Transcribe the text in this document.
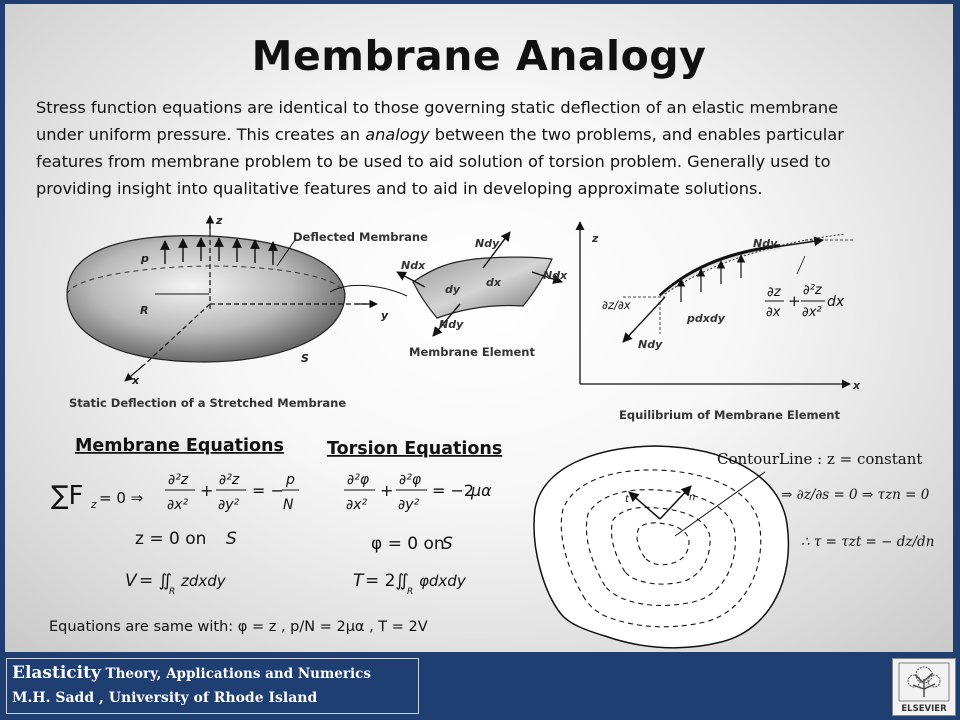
Membrane Analogy

Stress function equations are identical to those governing static deflection of an elastic membrane

under uniform pressure. This creates an analogy between the two problems, and enables particular

features from membrane problem to be used to aid solution of torsion problem. Generally used to

providing insight into qualitative features and to aid in developing approximate solutions.

z
Deflected Membrane
p
R	y
S
x
Static Deflection of a Stretched Membrane
Ndy
Ndx
Ndx
dx
dy
Ndy
Membrane Element
z
x
Ndy
pdxdy
Ndy
∂z/∂x
∂z
∂x
+
∂²z
∂x²
dx
Equilibrium of Membrane Element
t	n
ContourLine : z = constant
⇒ ∂z/∂s = 0 ⇒ τzn = 0
∴ τ = τzt = − dz/dn
Membrane Equations Torsion Equations
∑F z = 0 ⇒
∂²z
∂x²
+
∂²z
∂y²
= −
p
N
z = 0 on S
V = ∬
R
zdxdy
∂²φ
∂x²
+
∂²φ
∂y²
= −2
μα
φ = 0 on
S
T = 2∬
R
φdxdy
Equations are same with: φ = z , p/N = 2μα , T = 2V
Elasticity Theory, Applications and Numerics
M.H. Sadd , University of Rhode Island
ELSEVIER
